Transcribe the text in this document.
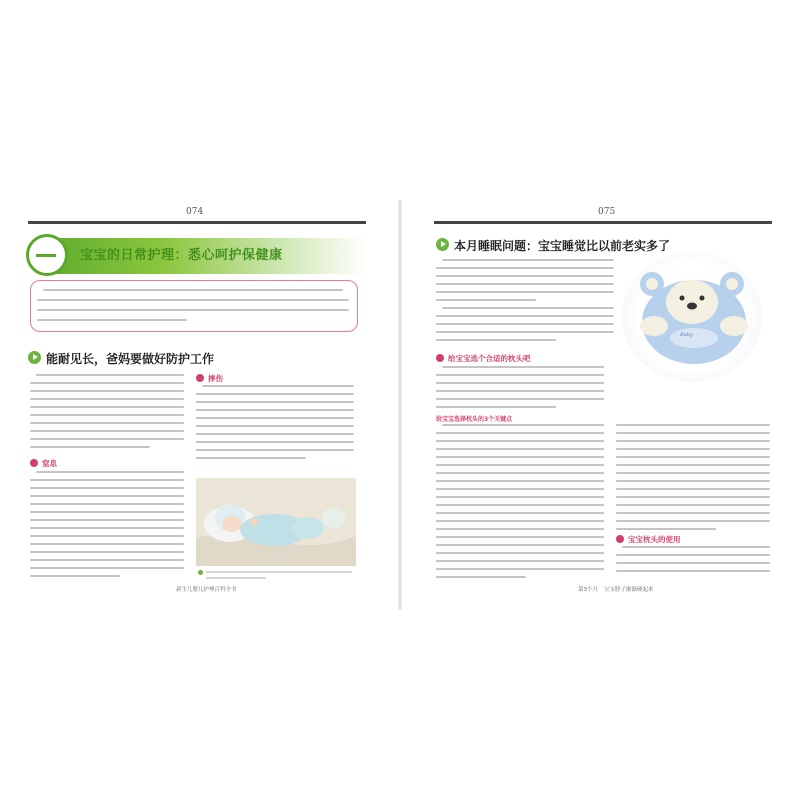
074
宝宝的日常护理：悉心呵护保健康
能耐见长，爸妈要做好防护工作
摔伤
窒息
新生儿婴儿护理百科全书
075
本月睡眠问题：宝宝睡觉比以前老实多了
Baby
给宝宝选个合适的枕头吧
给宝宝选择枕头的3个关键点
宝宝枕头的使用
第3个月 宝宝脖子渐渐硬起来
